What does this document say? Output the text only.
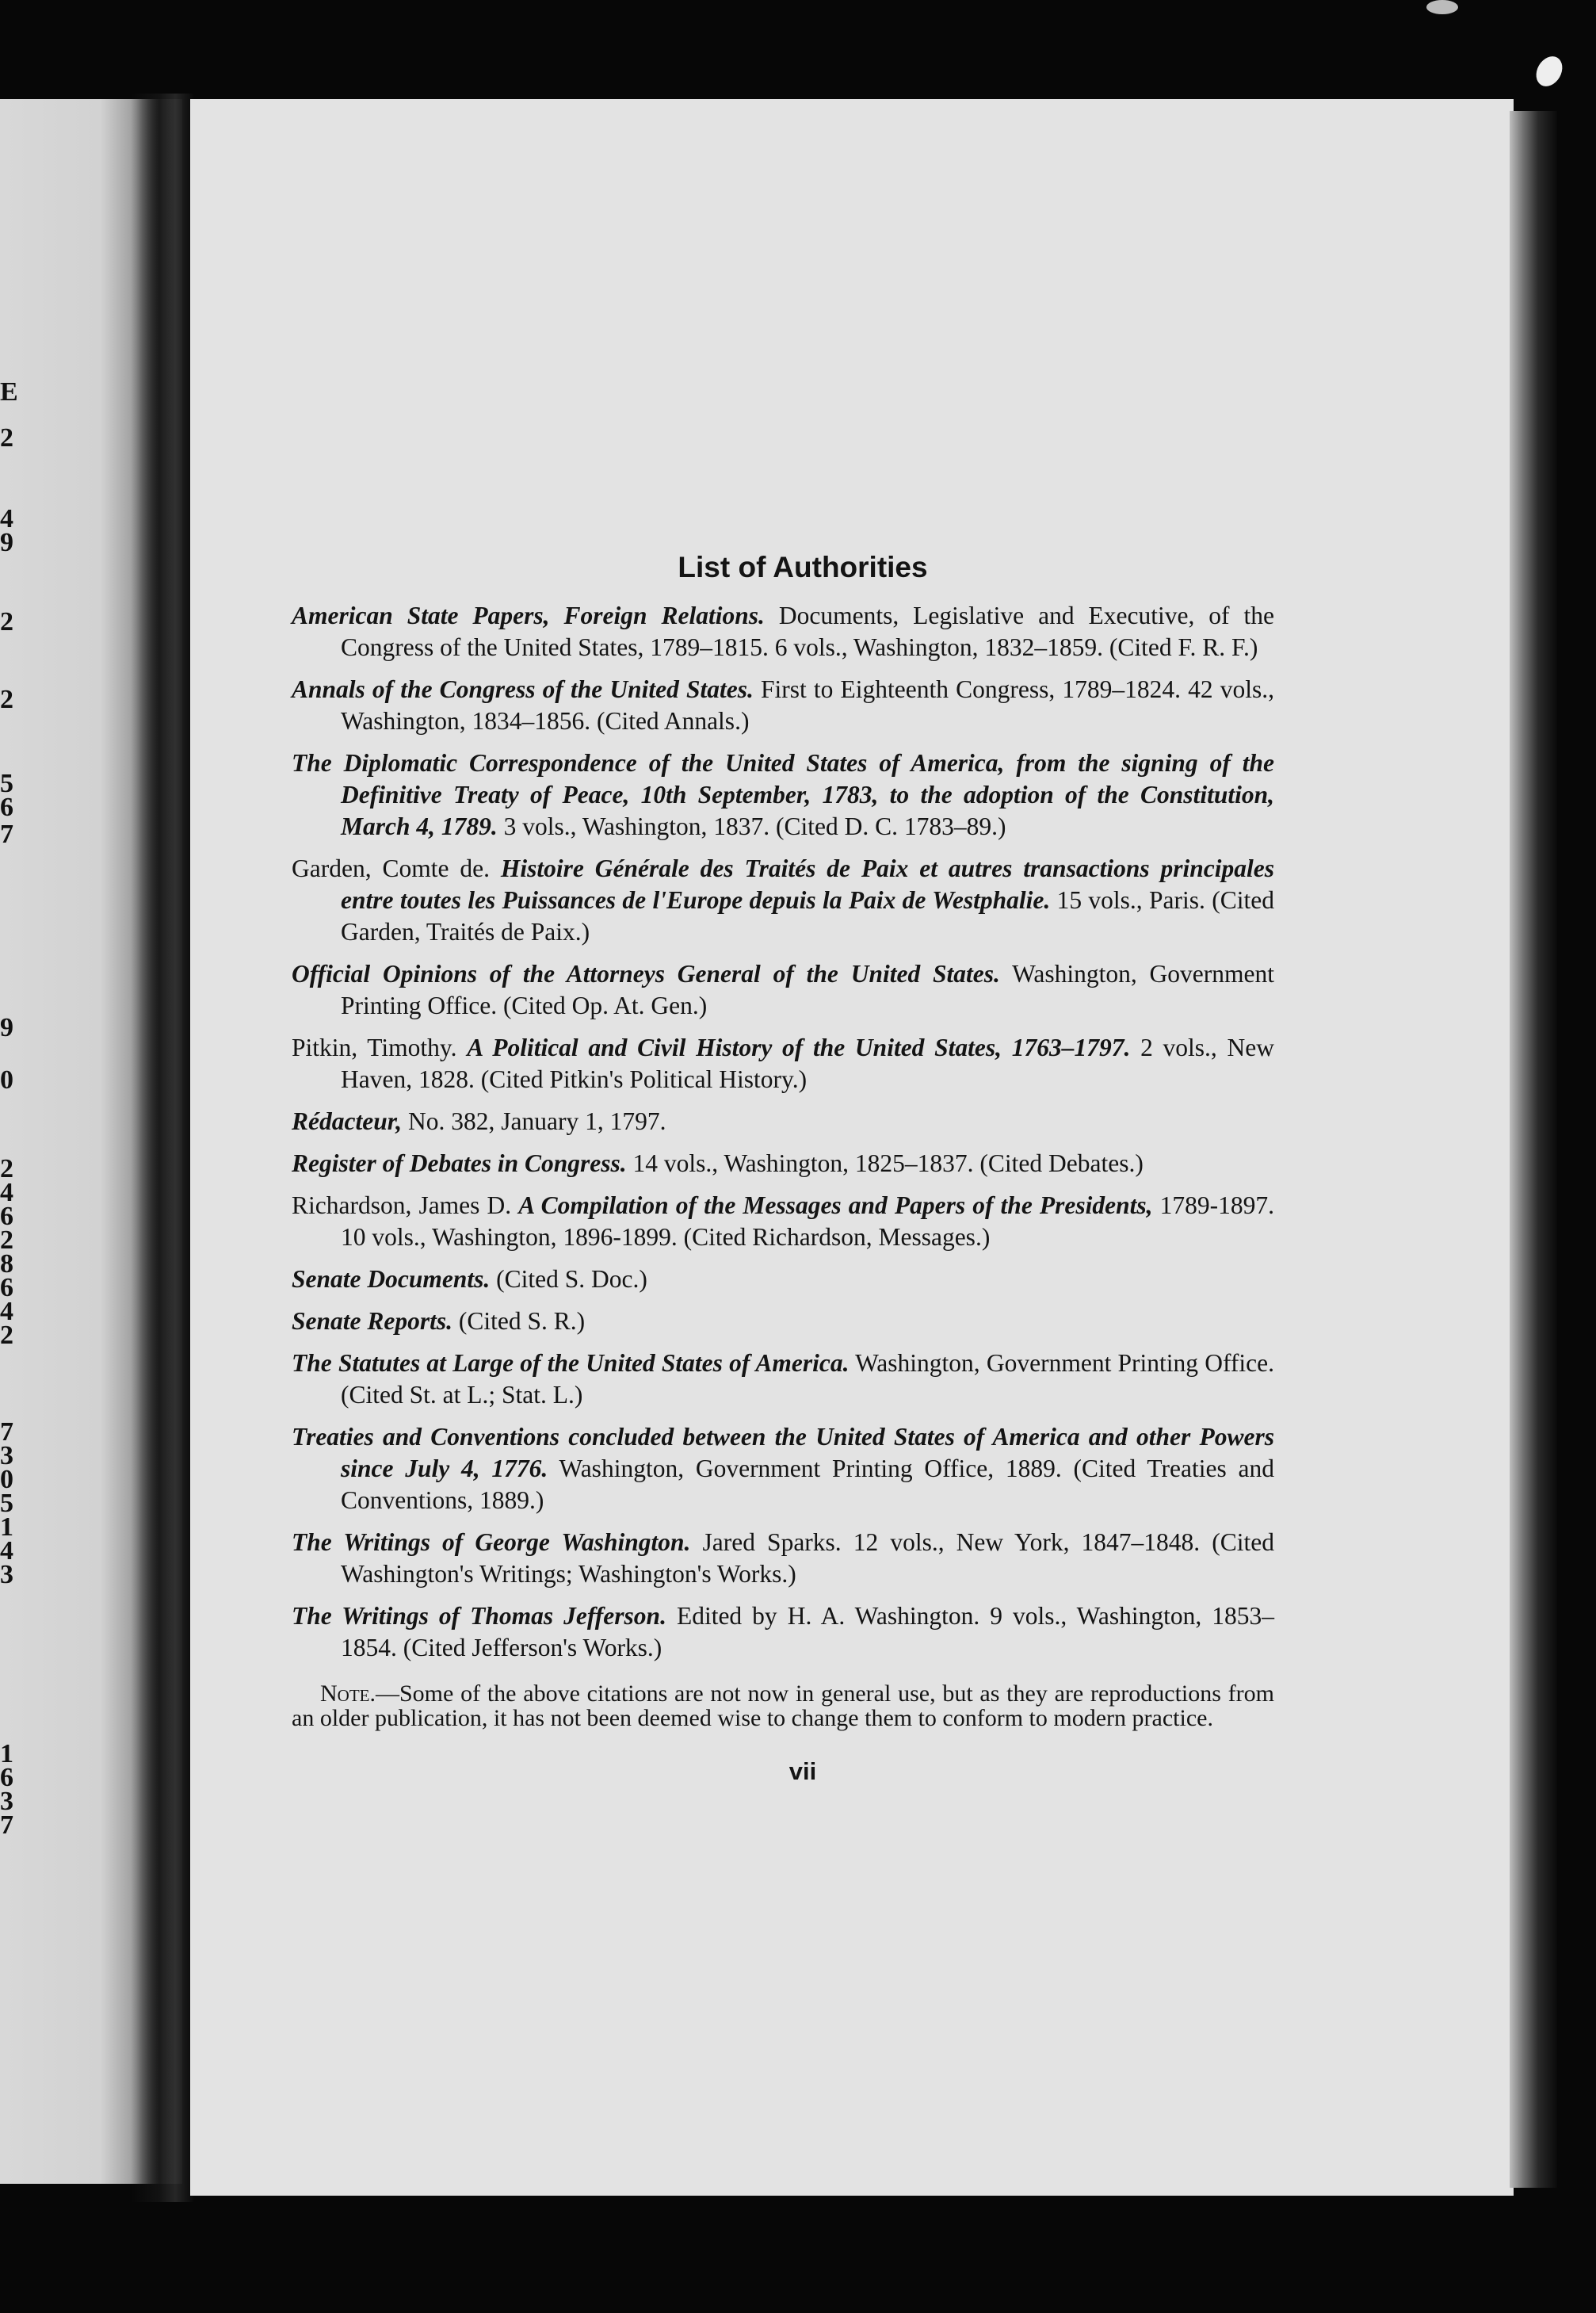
E
2
4
9
2
2
5
6
7
9
0
2
4
6
2
8
6
4
2
7
3
0
5
1
4
3
1
6
3
7
List of Authorities

American State Papers, Foreign Relations. Documents, Legislative and Executive, of the Congress of the United States, 1789–1815. 6 vols., Washington, 1832–1859. (Cited F. R. F.)

Annals of the Congress of the United States. First to Eighteenth Congress, 1789–1824. 42 vols., Washington, 1834–1856. (Cited Annals.)

The Diplomatic Correspondence of the United States of America, from the signing of the Definitive Treaty of Peace, 10th September, 1783, to the adoption of the Constitution, March 4, 1789. 3 vols., Washington, 1837. (Cited D. C. 1783–89.)

Garden, Comte de. Histoire Générale des Traités de Paix et autres transactions principales entre toutes les Puissances de l'Europe depuis la Paix de Westphalie. 15 vols., Paris. (Cited Garden, Traités de Paix.)

Official Opinions of the Attorneys General of the United States. Washington, Government Printing Office. (Cited Op. At. Gen.)

Pitkin, Timothy. A Political and Civil History of the United States, 1763–1797. 2 vols., New Haven, 1828. (Cited Pitkin's Political History.)

Rédacteur, No. 382, January 1, 1797.

Register of Debates in Congress. 14 vols., Washington, 1825–1837. (Cited Debates.)

Richardson, James D. A Compilation of the Messages and Papers of the Presidents, 1789-1897. 10 vols., Washington, 1896-1899. (Cited Richardson, Messages.)

Senate Documents. (Cited S. Doc.)

Senate Reports. (Cited S. R.)

The Statutes at Large of the United States of America. Washington, Government Printing Office. (Cited St. at L.; Stat. L.)

Treaties and Conventions concluded between the United States of America and other Powers since July 4, 1776. Washington, Government Printing Office, 1889. (Cited Treaties and Conventions, 1889.)

The Writings of George Washington. Jared Sparks. 12 vols., New York, 1847–1848. (Cited Washington's Writings; Washington's Works.)

The Writings of Thomas Jefferson. Edited by H. A. Washington. 9 vols., Washington, 1853–1854. (Cited Jefferson's Works.)

Note.—Some of the above citations are not now in general use, but as they are reproductions from an older publication, it has not been deemed wise to change them to conform to modern practice.

vii
